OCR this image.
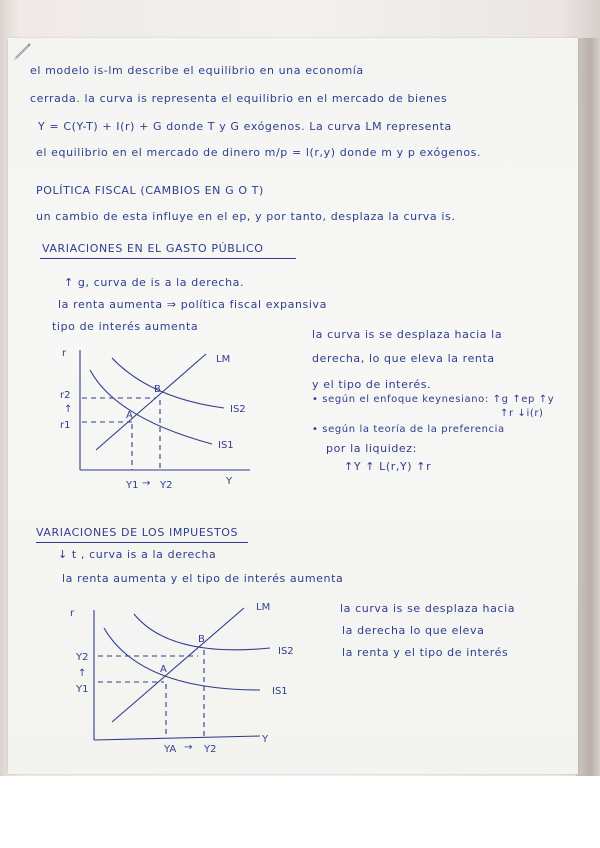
el modelo is-lm describe el equilibrio en una economía
cerrada. la curva is representa el equilibrio en el mercado de bienes
Y = C(Y-T) + I(r) + G donde T y G exógenos. La curva LM representa
el equilibrio en el mercado de dinero m/p = l(r,y) donde m y p exógenos.
POLÍTICA FISCAL (CAMBIOS EN G O T)
un cambio de esta influye en el ep, y por tanto, desplaza la curva is.
VARIACIONES EN EL GASTO PÚBLICO
↑ g, curva de is a la derecha.
la renta aumenta ⇒ política fiscal expansiva
tipo de interés aumenta
la curva is se desplaza hacia la
derecha, lo que eleva la renta
y el tipo de interés.
• según el enfoque keynesiano: ↑g ↑ep ↑y
↑r ↓i(r)
• según la teoría de la preferencia
por la liquidez:
↑Y ↑ L(r,Y) ↑r
VARIACIONES DE LOS IMPUESTOS
↓ t , curva is a la derecha
la renta aumenta y el tipo de interés aumenta
la curva is se desplaza hacia
la derecha lo que eleva
la renta y el tipo de interés
r
LM
IS2
IS1
r2
↑
r1
A
B
Y
Y1 → Y2
r
LM
IS2
IS1
Y2
↑
Y1
A
B
Y
YA → Y2
